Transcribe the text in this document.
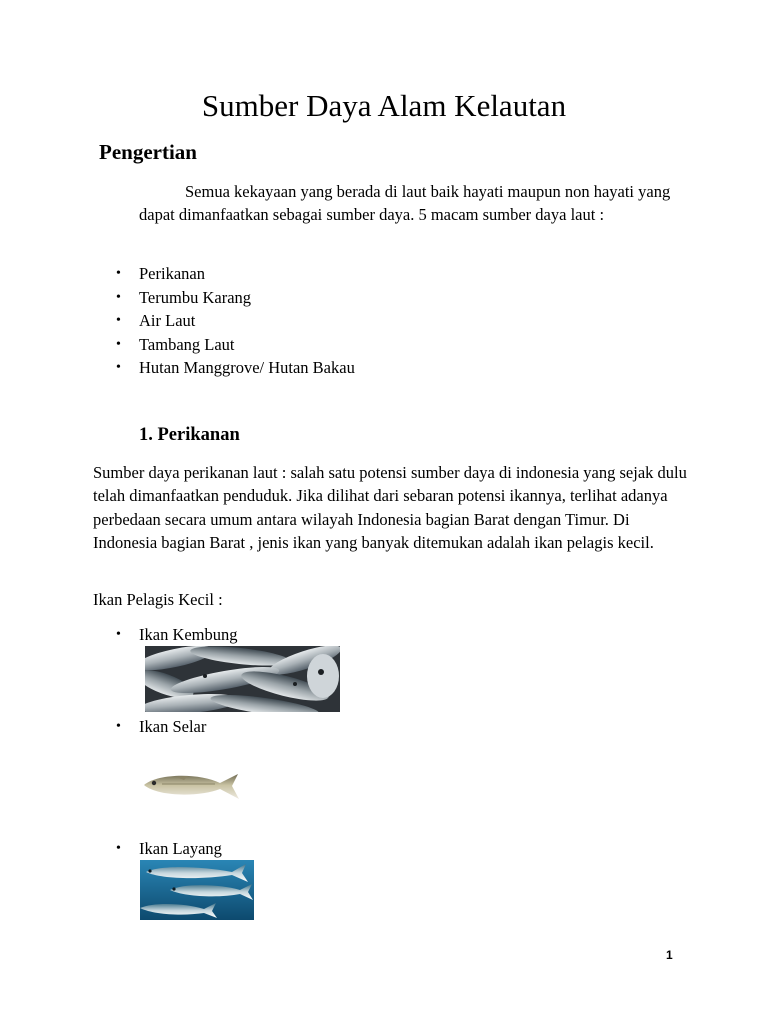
Sumber Daya Alam Kelautan
Pengertian

Semua kekayaan yang berada di laut baik hayati maupun non hayati yang dapat dimanfaatkan sebagai sumber daya. 5 macam sumber daya laut :

• Perikanan
• Terumbu Karang
• Air Laut
• Tambang Laut
• Hutan Manggrove/ Hutan Bakau
1. Perikanan

Sumber daya perikanan laut : salah satu potensi sumber daya di indonesia yang sejak dulu telah dimanfaatkan penduduk. Jika dilihat dari sebaran potensi ikannya, terlihat adanya perbedaan secara umum antara wilayah Indonesia bagian Barat dengan Timur. Di Indonesia bagian Barat , jenis ikan yang banyak ditemukan adalah ikan pelagis kecil.

Ikan Pelagis Kecil :

• Ikan Kembung
• Ikan Selar
• Ikan Layang
1
